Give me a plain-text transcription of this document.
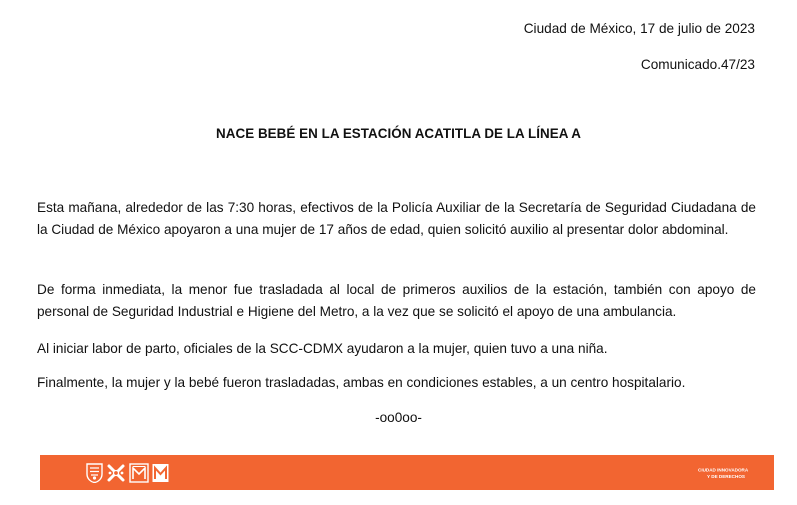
Ciudad de México, 17 de julio de 2023
Comunicado.47/23
NACE BEBÉ EN LA ESTACIÓN ACATITLA DE LA LÍNEA A

Esta mañana, alrededor de las 7:30 horas, efectivos de la Policía Auxiliar de la Secretaría de Seguridad Ciudadana de la Ciudad de México apoyaron a una mujer de 17 años de edad, quien solicitó auxilio al presentar dolor abdominal.

De forma inmediata, la menor fue trasladada al local de primeros auxilios de la estación, también con apoyo de personal de Seguridad Industrial e Higiene del Metro, a la vez que se solicitó el apoyo de una ambulancia.

Al iniciar labor de parto, oficiales de la SCC-CDMX ayudaron a la mujer, quien tuvo a una niña.

Finalmente, la mujer y la bebé fueron trasladadas, ambas en condiciones estables, a un centro hospitalario.

-oo0oo-
CIUDAD INNOVADORA
Y DE DERECHOS
